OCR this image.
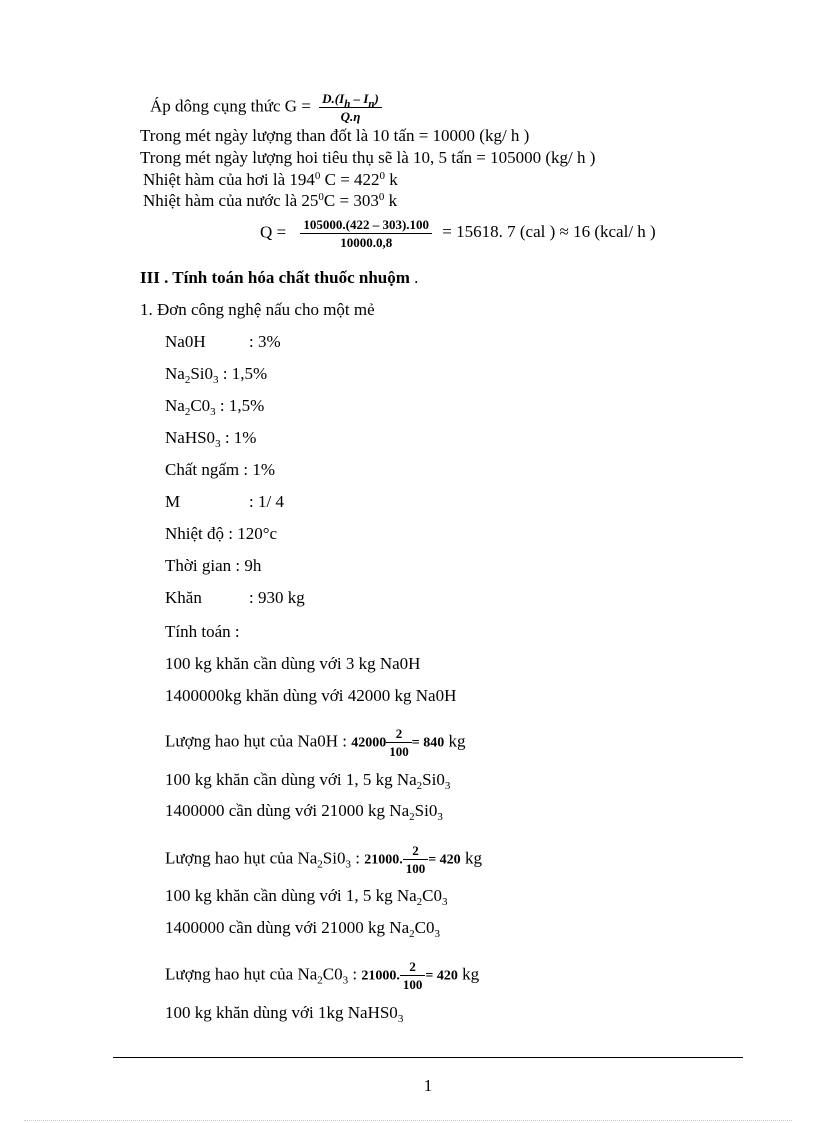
Áp dông cụng thức $G = \frac{D.(I_h - I_n)}{Q.\eta}$
Trong mét ngày lượng than đốt là 10 tấn = 10000 (kg/ h )
Trong mét ngày lượng hoi tiêu thụ sẽ là 10, 5 tấn = 105000 (kg/ h )
Nhiệt hàm của hơi là $194^0$ $C = 422^0$ k
Nhiệt hàm của nước là $25^0C = 303^0$ k
$Q = \frac{105000.(422 - 303).100}{10000.0,8} = 15618$. 7 (cal ) ≈ 16 (kcal/ h )
III . Tính toán hóa chất thuốc nhuộm .
1. Đơn công nghệ nấu cho một mẻ
Na0H	: 3%
$Na_2Si0_3$ : 1,5%
$Na_2C0_3$ : 1,5%
$NaHS0_3$ : 1%
Chất ngấm : 1%
M	: 1/ 4
Nhiệt độ : 120°c
Thời gian : 9h
Khăn	: 930 kg
Tính toán :
100 kg khăn cần dùng với 3 kg Na0H
1400000kg khăn dùng với 42000 kg Na0H
Lượng hao hụt của Na0H : $42000 \frac{2}{100} = 840$ kg
100 kg khăn cần dùng với 1, 5 kg $Na_2Si0_3$
1400000 cần dùng với 21000 kg $Na_2Si0_3$
Lượng hao hụt của $Na_2Si0_3$ : 21000. $\frac{2}{100} = 420$ kg
100 kg khăn cần dùng với 1, 5 kg $Na_2C0_3$
1400000 cần dùng với 21000 kg $Na_2C0_3$
Lượng hao hụt của $Na_2C0_3$ : 21000. $\frac{2}{100} = 420$ kg
100 kg khăn dùng với 1kg $NaHS0_3$
1
